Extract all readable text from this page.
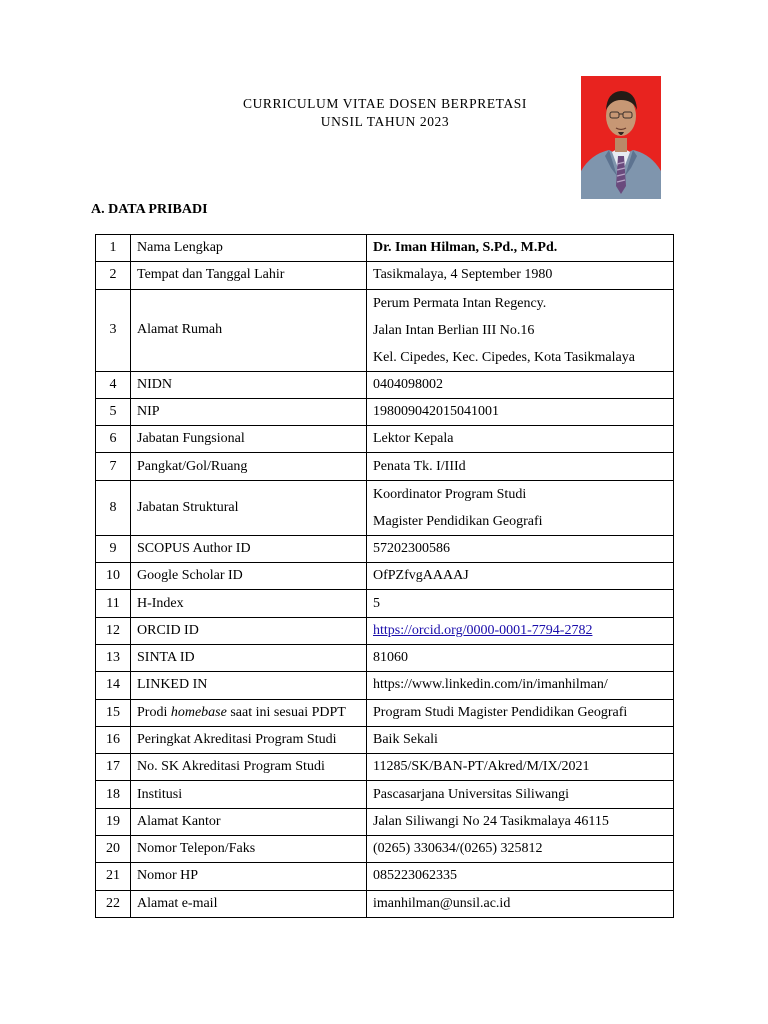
CURRICULUM VITAE DOSEN BERPRETASI
UNSIL TAHUN 2023
A. DATA PRIBADI
1	Nama Lengkap	Dr. Iman Hilman, S.Pd., M.Pd.
2	Tempat dan Tanggal Lahir	Tasikmalaya, 4 September 1980
3	Alamat Rumah	Perum Permata Intan Regency.
Jalan Intan Berlian III No.16
Kel. Cipedes, Kec. Cipedes, Kota Tasikmalaya

4	NIDN	0404098002
5	NIP	198009042015041001
6	Jabatan Fungsional	Lektor Kepala
7	Pangkat/Gol/Ruang	Penata Tk. I/IIId
8	Jabatan Struktural	Koordinator Program Studi
Magister Pendidikan Geografi

9	SCOPUS Author ID	57202300586
10	Google Scholar ID	OfPZfvgAAAAJ
11	H-Index	5
12	ORCID ID	https://orcid.org/0000-0001-7794-2782
13	SINTA ID	81060
14	LINKED IN	https://www.linkedin.com/in/imanhilman/
15	Prodi homebase saat ini sesuai PDPT	Program Studi Magister Pendidikan Geografi
16	Peringkat Akreditasi Program Studi	Baik Sekali
17	No. SK Akreditasi Program Studi	11285/SK/BAN-PT/Akred/M/IX/2021
18	Institusi	Pascasarjana Universitas Siliwangi
19	Alamat Kantor	Jalan Siliwangi No 24 Tasikmalaya 46115
20	Nomor Telepon/Faks	(0265) 330634/(0265) 325812
21	Nomor HP	085223062335
22	Alamat e-mail	imanhilman@unsil.ac.id
